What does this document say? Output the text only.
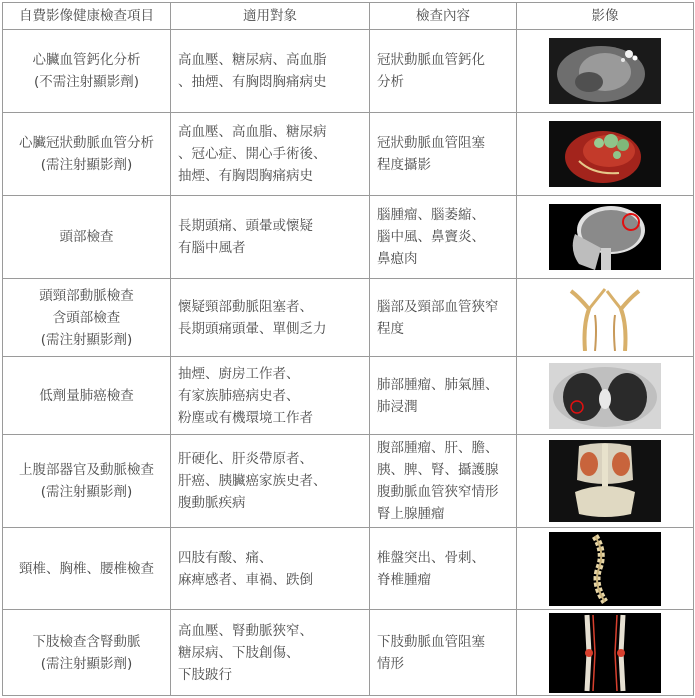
自費影像健康檢查項目	適用對象	檢查內容	影像

心臟血管鈣化分析
(不需注射顯影劑)	高血壓、糖尿病、高血脂
、抽煙、有胸悶胸痛病史	冠狀動脈血管鈣化
分析

心臟冠狀動脈血管分析
(需注射顯影劑)	高血壓、高血脂、糖尿病
、冠心症、開心手術後、
抽煙、有胸悶胸痛病史	冠狀動脈血管阻塞
程度攝影

頭部檢查	長期頭痛、頭暈或懷疑
有腦中風者	腦腫瘤、腦萎縮、
腦中風、鼻竇炎、
鼻瘜肉

頭頸部動脈檢查
含頭部檢查
(需注射顯影劑)	懷疑頸部動脈阻塞者、
長期頭痛頭暈、單側乏力	腦部及頸部血管狹窄
程度

低劑量肺癌檢查	抽煙、廚房工作者、
有家族肺癌病史者、
粉塵或有機環境工作者	肺部腫瘤、肺氣腫、
肺浸潤

上腹部器官及動脈檢查
(需注射顯影劑)	肝硬化、肝炎帶原者、
肝癌、胰臟癌家族史者、
腹動脈疾病	腹部腫瘤、肝、膽、
胰、脾、腎、攝護腺
腹動脈血管狹窄情形
腎上腺腫瘤

頸椎、胸椎、腰椎檢查	四肢有酸、痛、
麻痺感者、車禍、跌倒	椎盤突出、骨刺、
脊椎腫瘤

下肢檢查含腎動脈
(需注射顯影劑)	高血壓、腎動脈狹窄、
糖尿病、下肢創傷、
下肢跛行	下肢動脈血管阻塞
情形
